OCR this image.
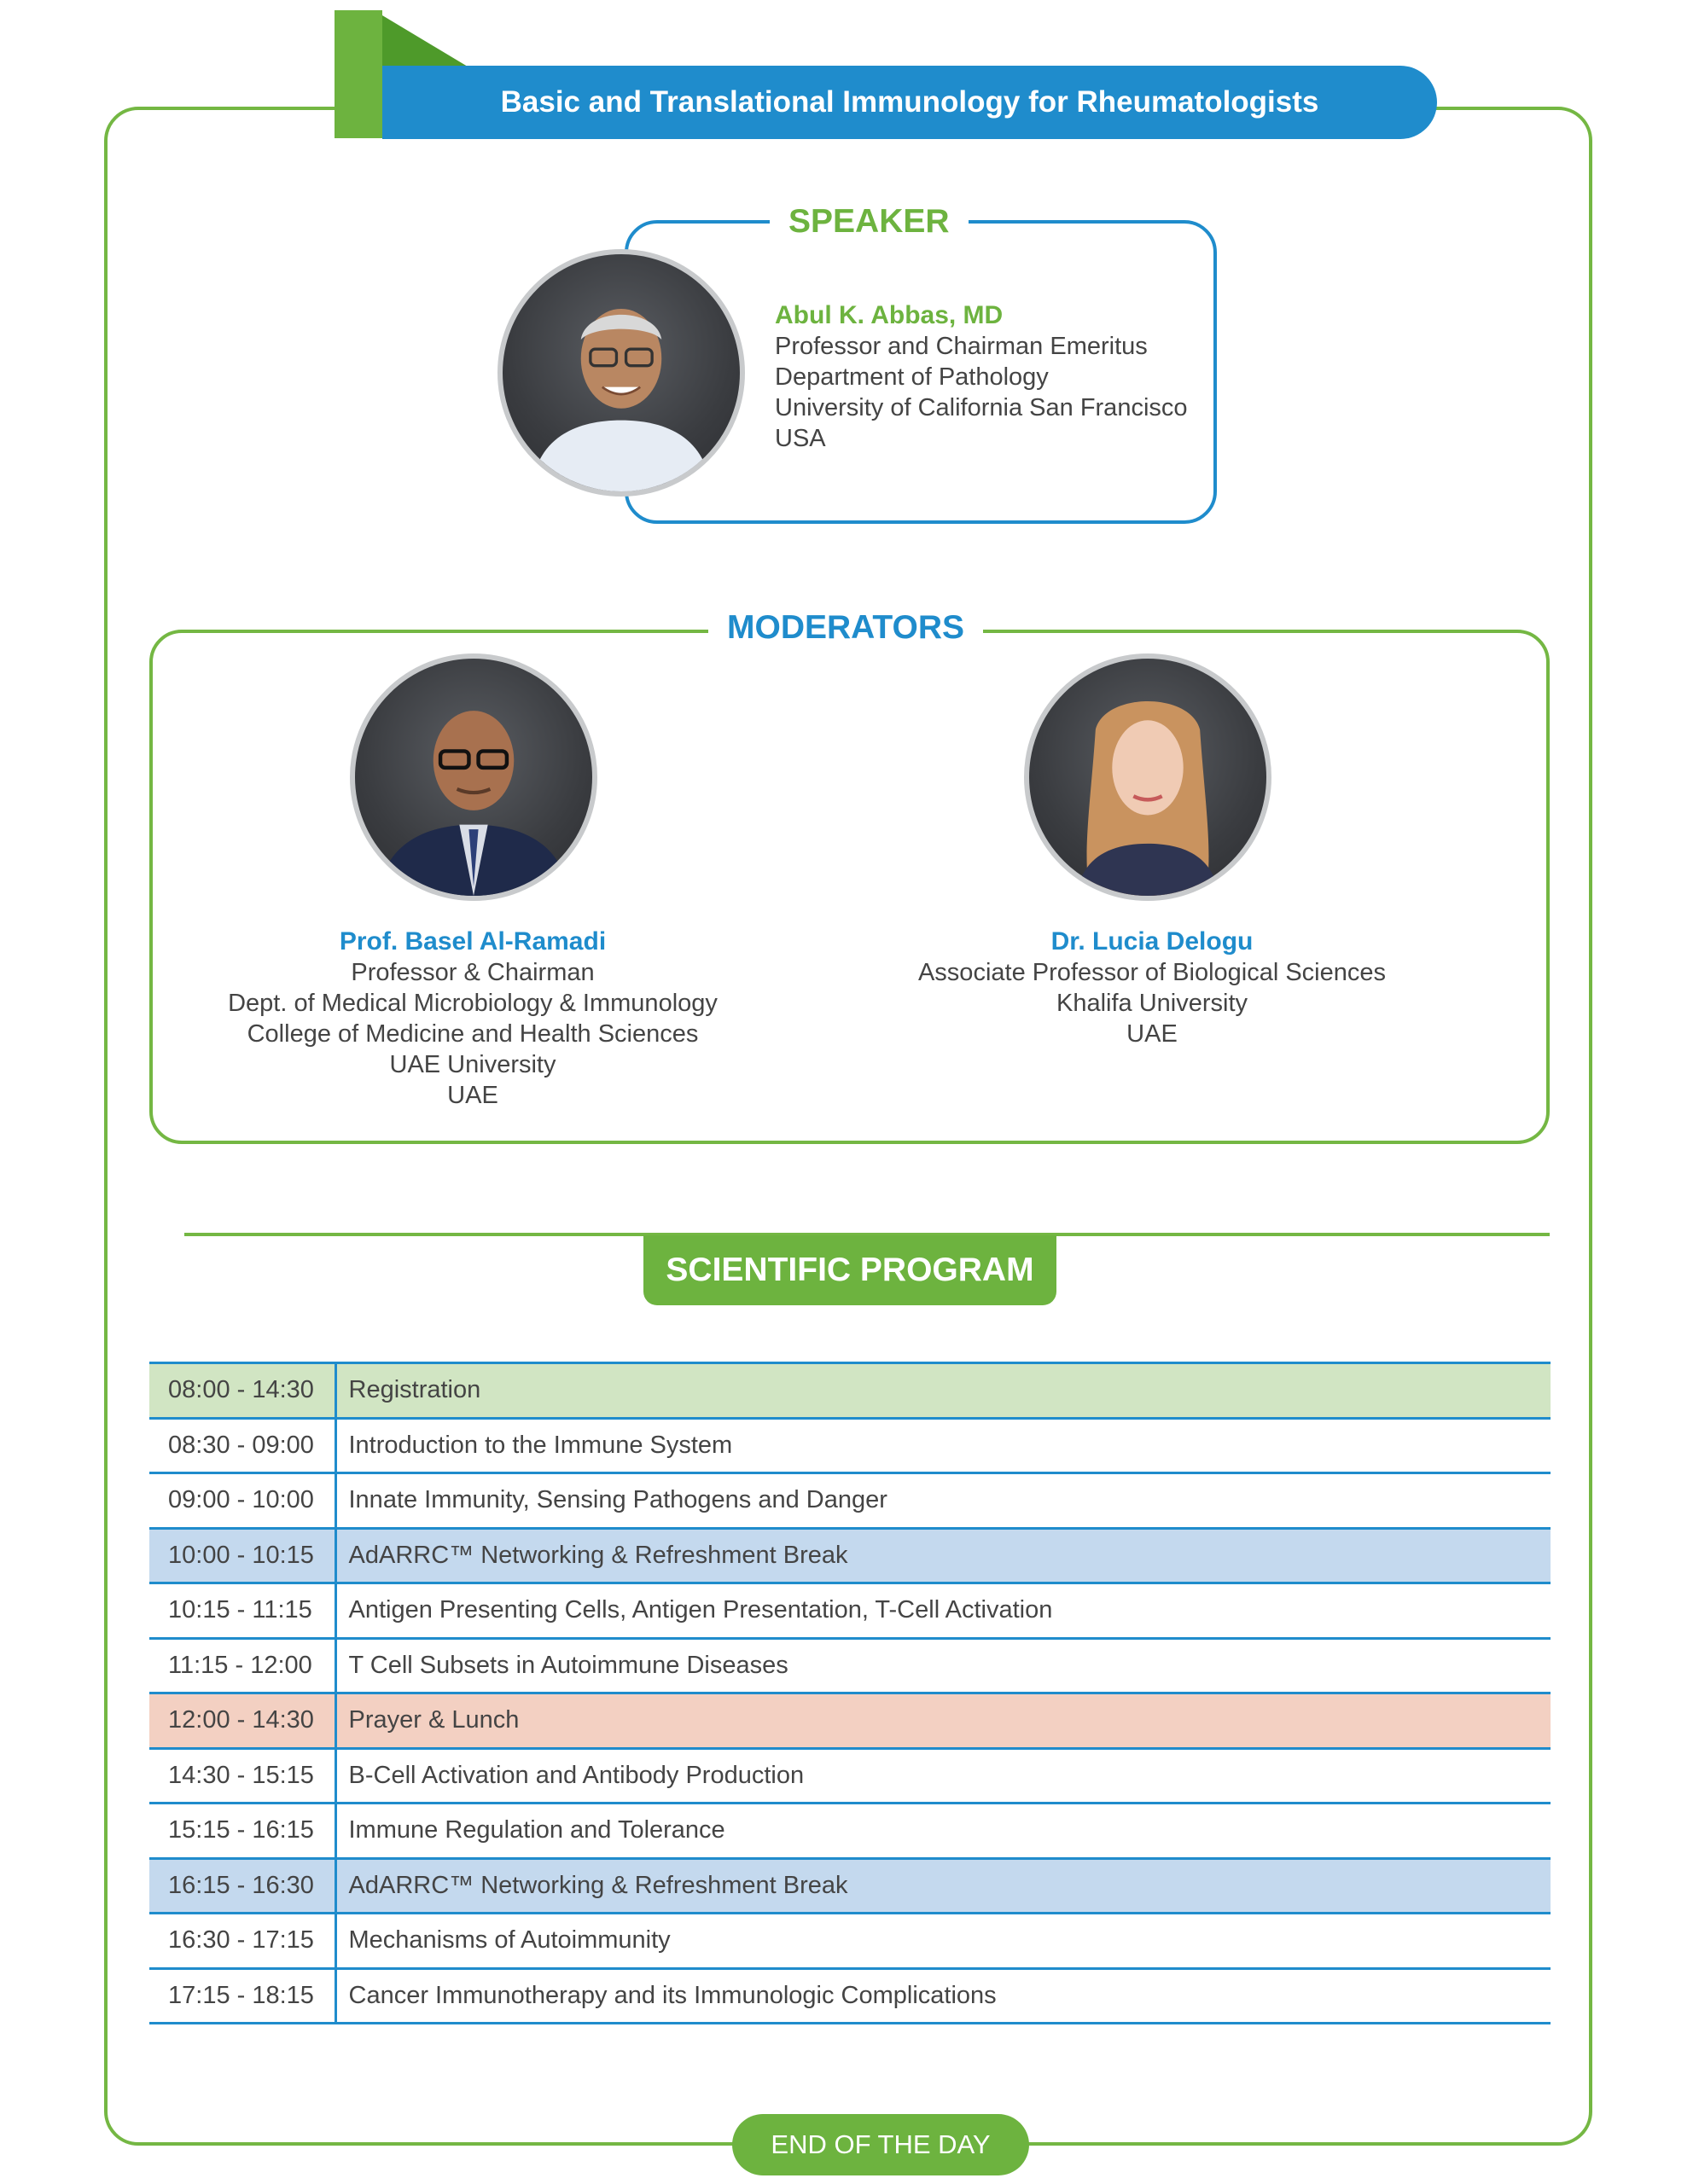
Basic and Translational Immunology for Rheumatologists
SPEAKER
Abul K. Abbas, MD
Professor and Chairman Emeritus
Department of Pathology
University of California San Francisco
USA
MODERATORS
Prof. Basel Al-Ramadi
Professor & Chairman
Dept. of Medical Microbiology & Immunology
College of Medicine and Health Sciences
UAE University
UAE
Dr. Lucia Delogu
Associate Professor of Biological Sciences
Khalifa University
UAE
SCIENTIFIC PROGRAM
08:00 - 14:30	Registration
08:30 - 09:00	Introduction to the Immune System
09:00 - 10:00	Innate Immunity, Sensing Pathogens and Danger
10:00 - 10:15	AdARRC™ Networking & Refreshment Break
10:15 - 11:15	Antigen Presenting Cells, Antigen Presentation, T-Cell Activation
11:15 - 12:00	T Cell Subsets in Autoimmune Diseases
12:00 - 14:30	Prayer & Lunch
14:30 - 15:15	B-Cell Activation and Antibody Production
15:15 - 16:15	Immune Regulation and Tolerance
16:15 - 16:30	AdARRC™ Networking & Refreshment Break
16:30 - 17:15	Mechanisms of Autoimmunity
17:15 - 18:15	Cancer Immunotherapy and its Immunologic Complications
END OF THE DAY
